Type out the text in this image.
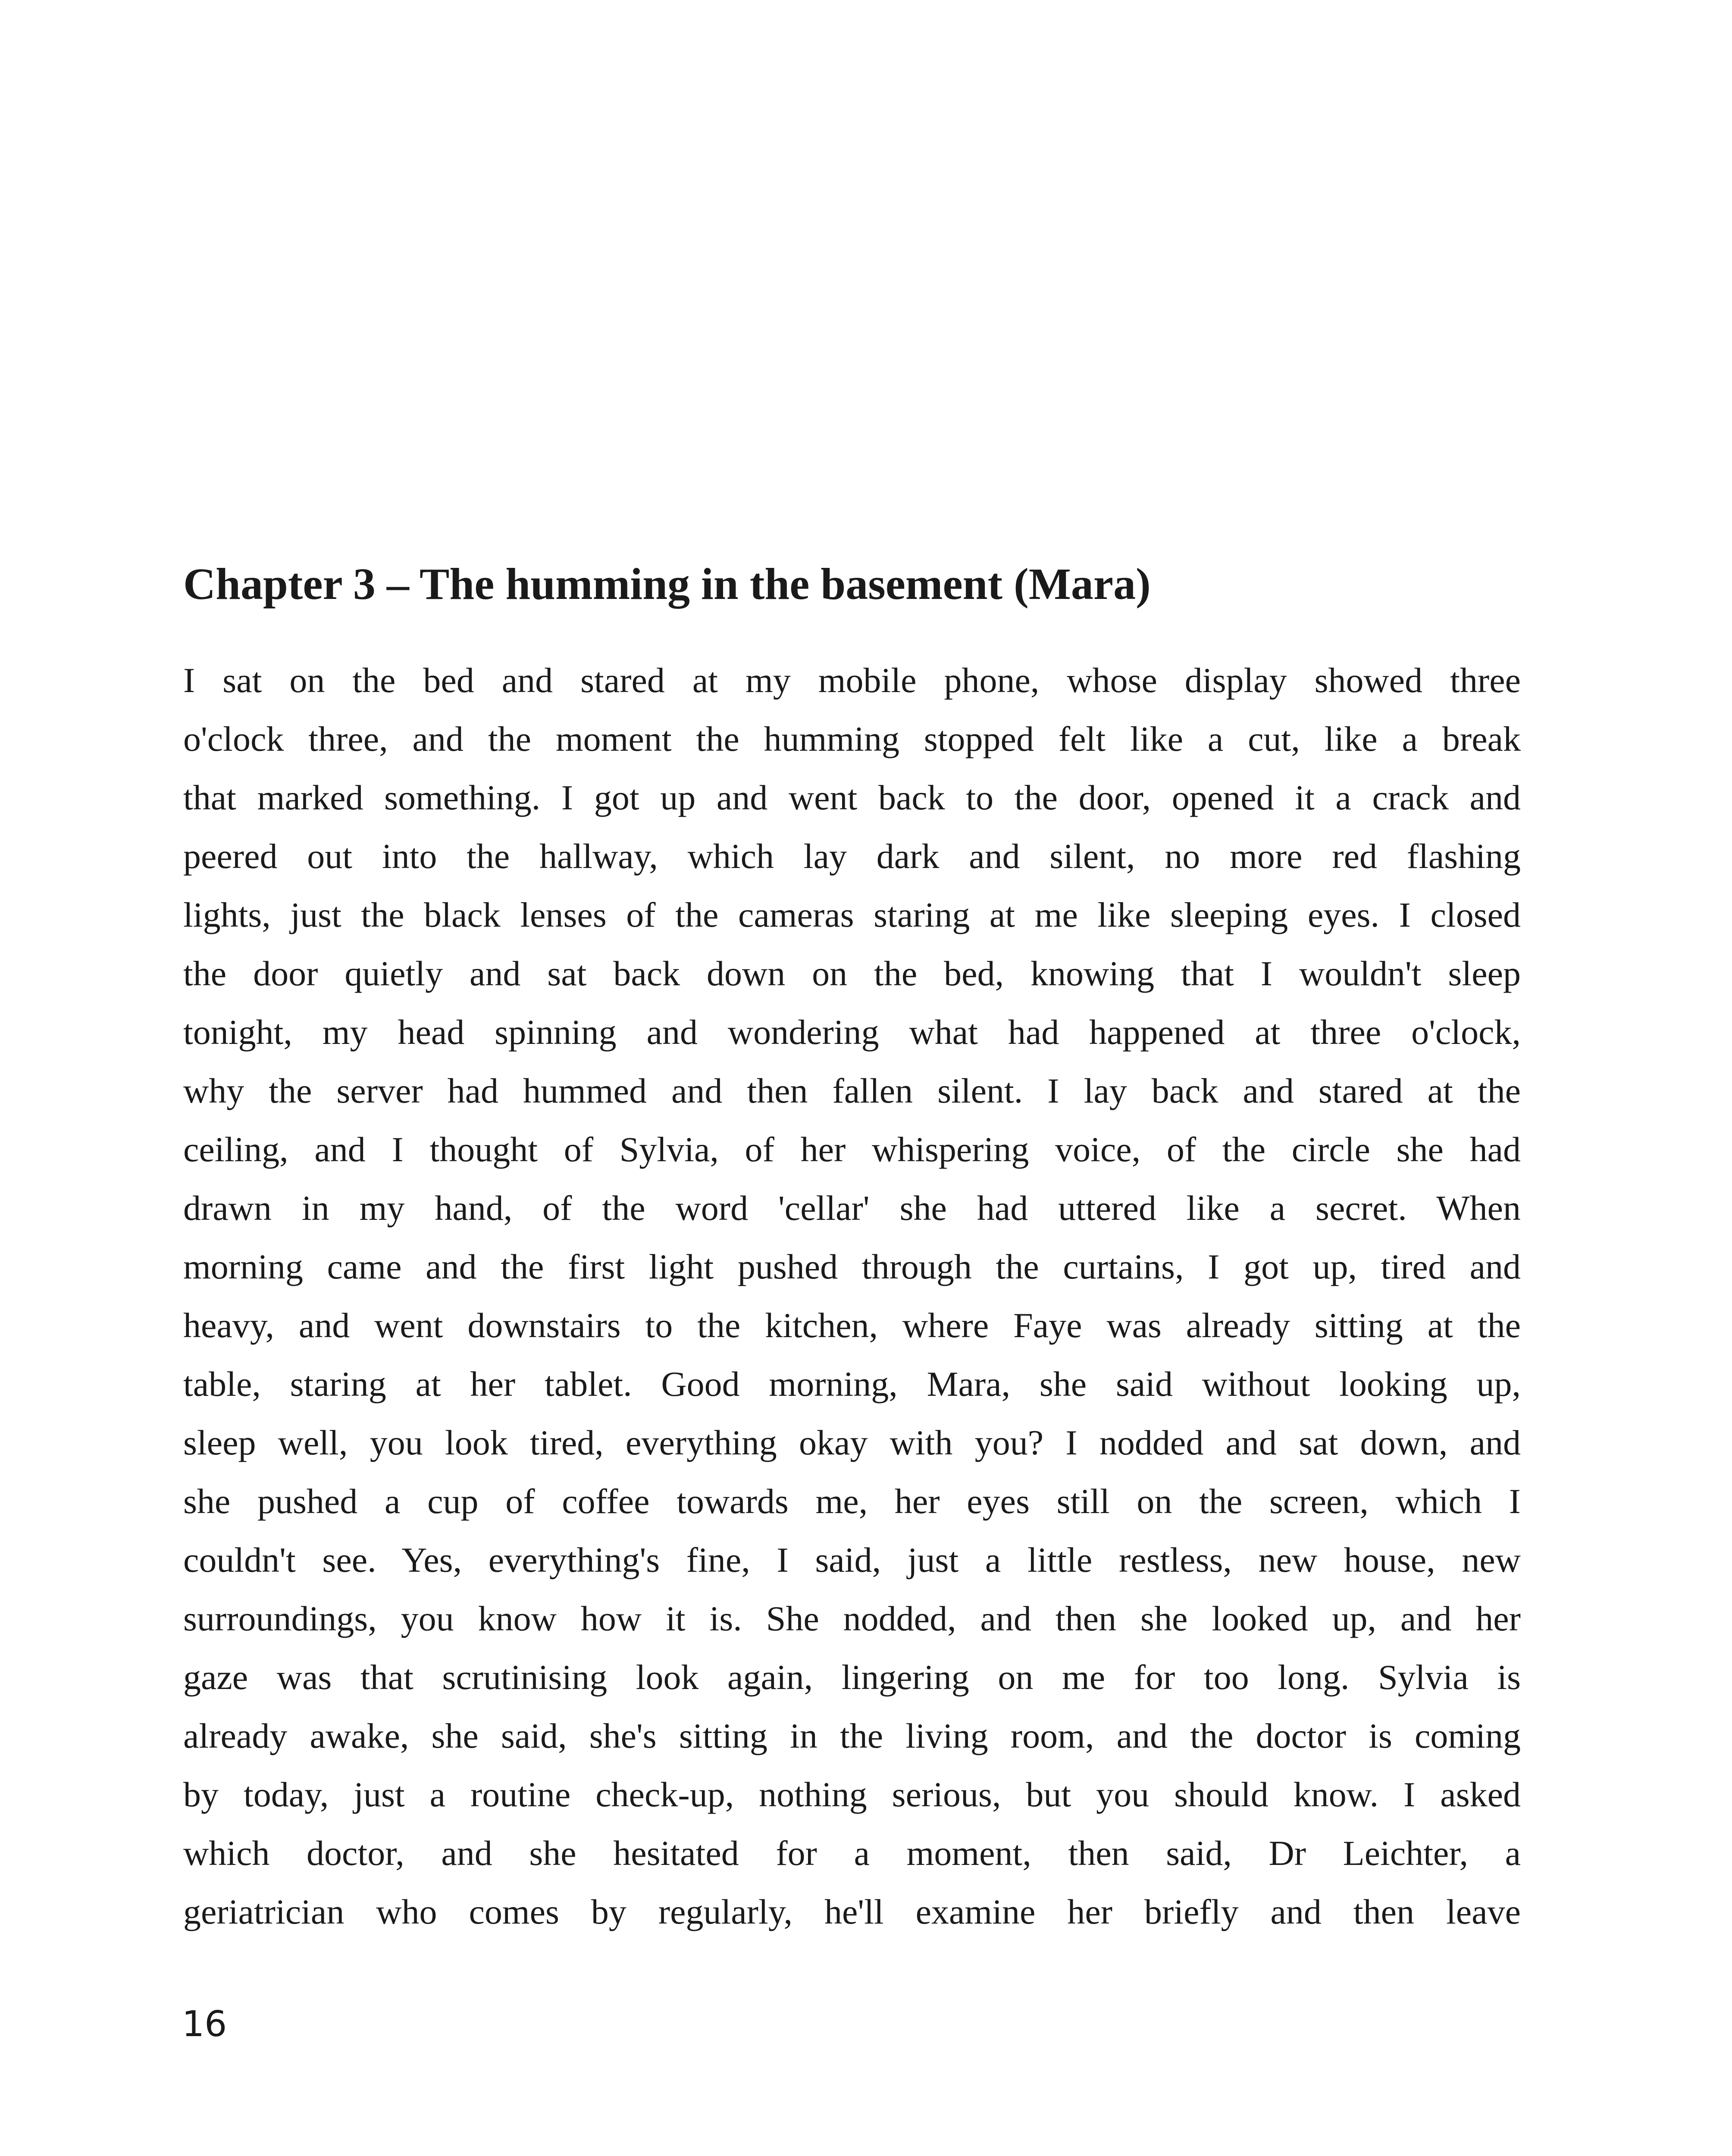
Chapter 3 – The humming in the basement (Mara)
I sat on the bed and stared at my mobile phone, whose display showed three
o'clock three, and the moment the humming stopped felt like a cut, like a break
that marked something. I got up and went back to the door, opened it a crack and
peered out into the hallway, which lay dark and silent, no more red flashing
lights, just the black lenses of the cameras staring at me like sleeping eyes. I closed
the door quietly and sat back down on the bed, knowing that I wouldn't sleep
tonight, my head spinning and wondering what had happened at three o'clock,
why the server had hummed and then fallen silent. I lay back and stared at the
ceiling, and I thought of Sylvia, of her whispering voice, of the circle she had
drawn in my hand, of the word 'cellar' she had uttered like a secret. When
morning came and the first light pushed through the curtains, I got up, tired and
heavy, and went downstairs to the kitchen, where Faye was already sitting at the
table, staring at her tablet. Good morning, Mara, she said without looking up,
sleep well, you look tired, everything okay with you? I nodded and sat down, and
she pushed a cup of coffee towards me, her eyes still on the screen, which I
couldn't see. Yes, everything's fine, I said, just a little restless, new house, new
surroundings, you know how it is. She nodded, and then she looked up, and her
gaze was that scrutinising look again, lingering on me for too long. Sylvia is
already awake, she said, she's sitting in the living room, and the doctor is coming
by today, just a routine check-up, nothing serious, but you should know. I asked
which doctor, and she hesitated for a moment, then said, Dr Leichter, a
geriatrician who comes by regularly, he'll examine her briefly and then leave
16
